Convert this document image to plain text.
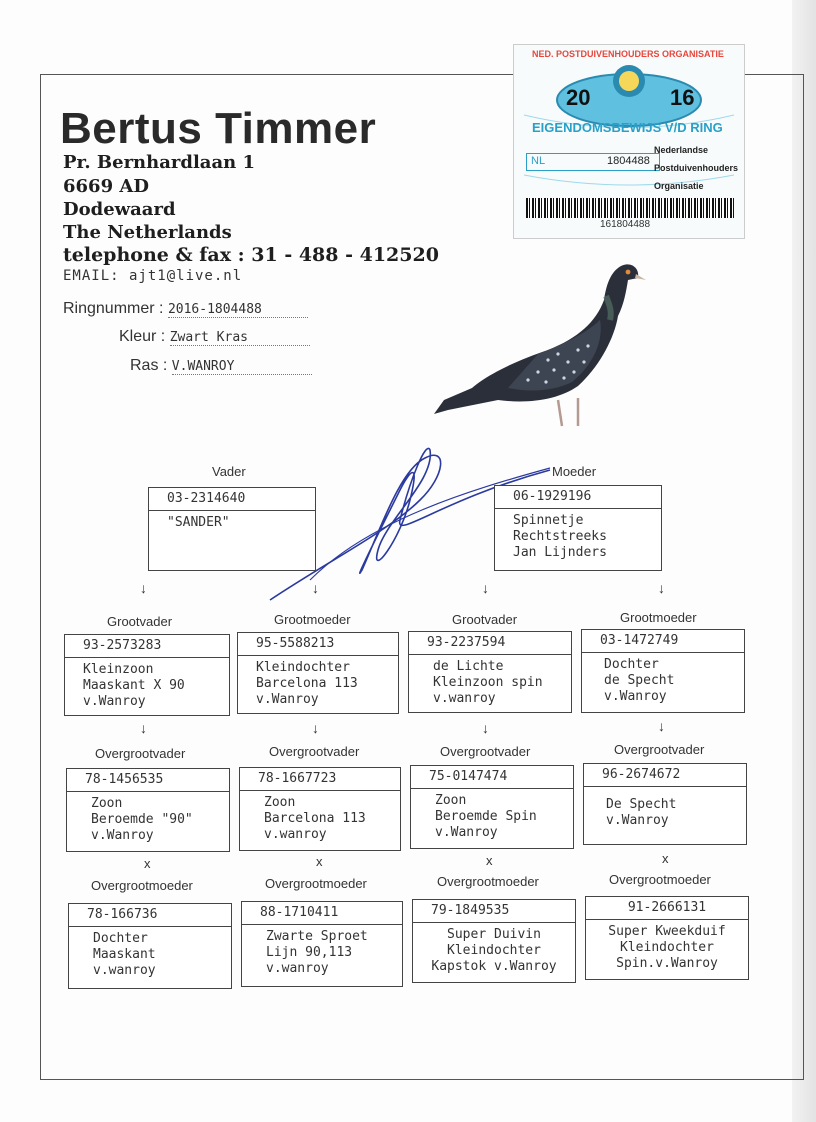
Bertus Timmer
Pr. Bernhardlaan 1
6669 AD
Dodewaard
The Netherlands
telephone & fax : 31 - 488 - 412520
EMAIL: ajt1@live.nl
Ringnummer : 2016-1804488
Kleur : Zwart Kras
Ras : V.WANROY
NED. POSTDUIVENHOUDERS ORGANISATIE
20	16
EIGENDOMSBEWIJS V/D RING
NL	1804488
Nederlandse
Postduivenhouders
Organisatie
161804488
Vader	Moeder
03-2314640
"SANDER"
06-1929196
Spinnetje
Rechtstreeks
Jan Lijnders
↓	↓	↓	↓
Grootvader	Grootmoeder	Grootvader	Grootmoeder
93-2573283
Kleinzoon
Maaskant X 90
v.Wanroy
95-5588213
Kleindochter
Barcelona 113
v.Wanroy
93-2237594
de Lichte
Kleinzoon spin
v.wanroy
03-1472749
Dochter
de Specht
v.Wanroy
↓	↓	↓	↓
Overgrootvader	Overgrootvader	Overgrootvader	Overgrootvader
78-1456535
Zoon
Beroemde "90"
v.Wanroy
78-1667723
Zoon
Barcelona 113
v.wanroy
75-0147474
Zoon
Beroemde Spin
v.Wanroy
96-2674672
De Specht
v.Wanroy
x	x	x	x
Overgrootmoeder	Overgrootmoeder	Overgrootmoeder	Overgrootmoeder
78-166736
Dochter
Maaskant
v.wanroy
88-1710411
Zwarte Sproet
Lijn 90,113
v.wanroy
79-1849535
Super Duivin
Kleindochter
Kapstok v.Wanroy
91-2666131
Super Kweekduif
Kleindochter
Spin.v.Wanroy
